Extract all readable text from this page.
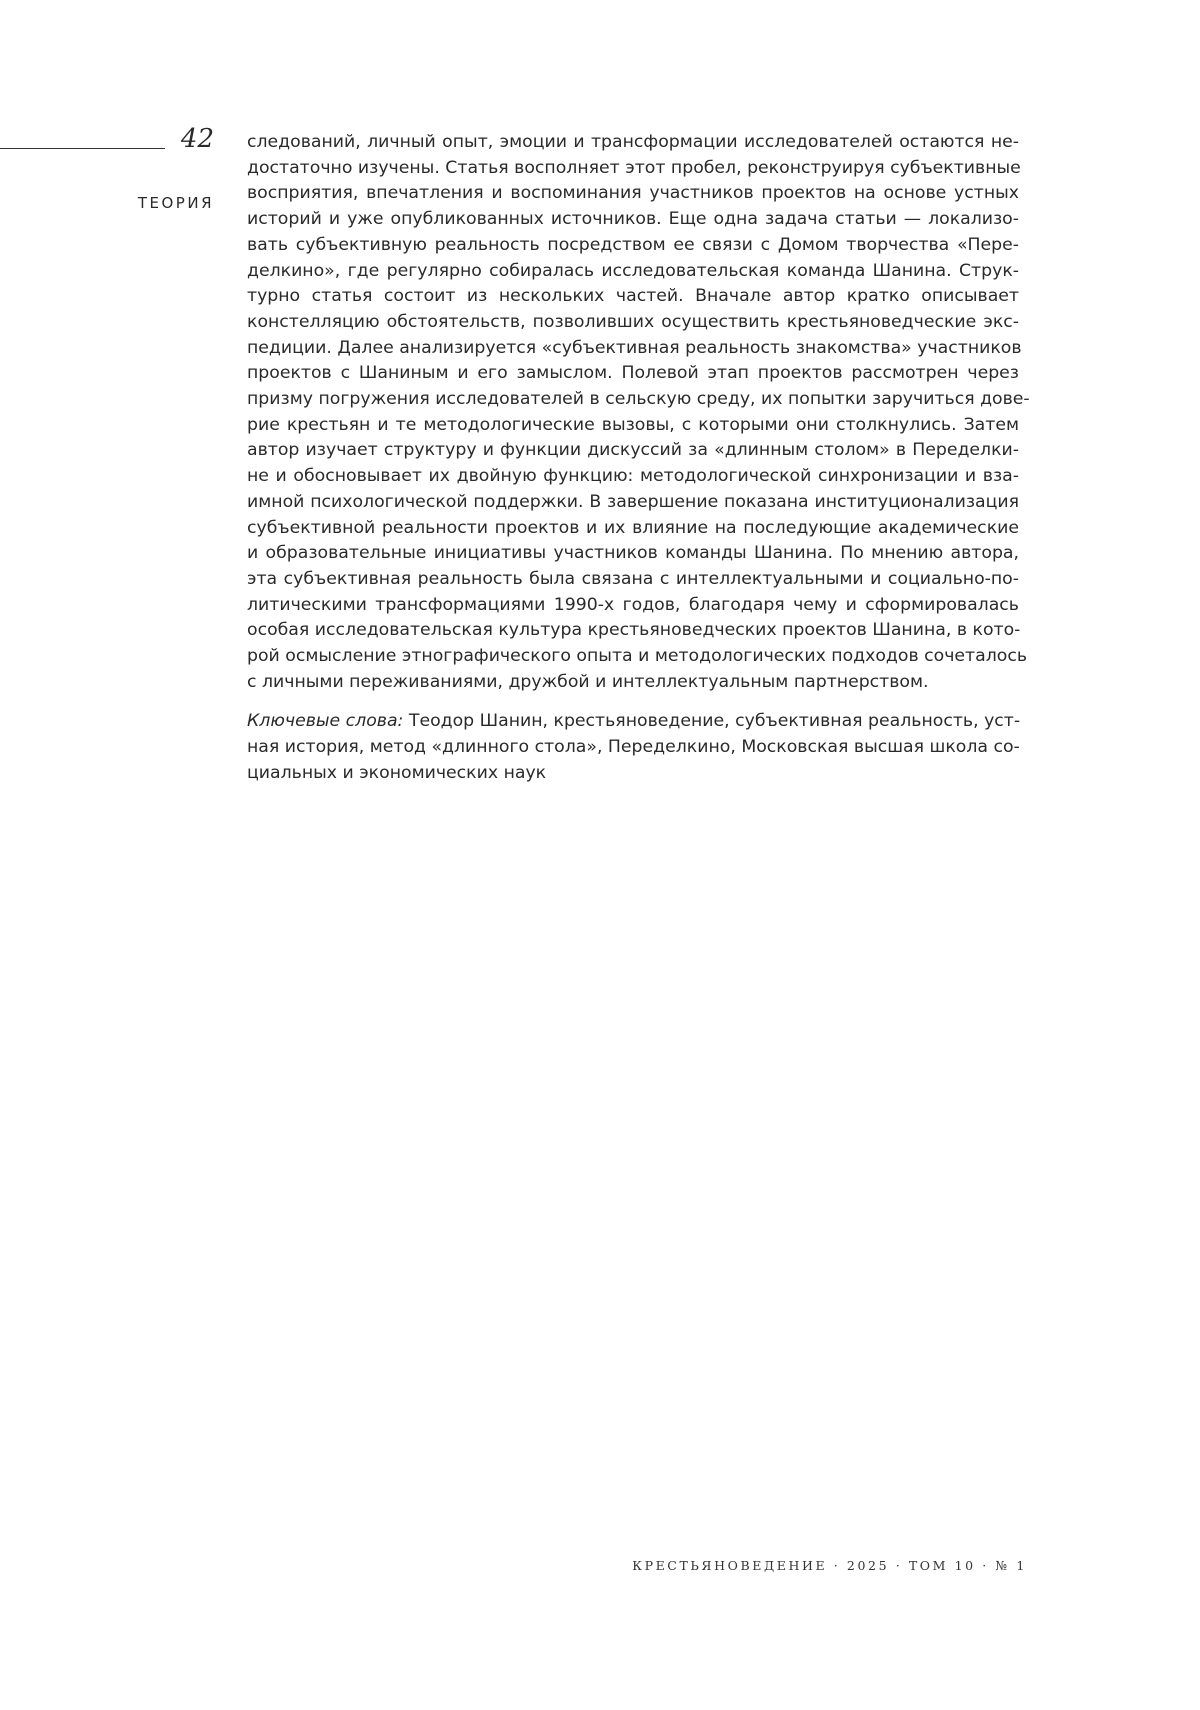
42
ТЕОРИЯ

следований, личный опыт, эмоции и трансформации исследователей остаются не-
достаточно изучены. Статья восполняет этот пробел, реконструируя субъективные
восприятия, впечатления и воспоминания участников проектов на основе устных
историй и уже опубликованных источников. Еще одна задача статьи — локализо-
вать субъективную реальность посредством ее связи с Домом творчества «Пере-
делкино», где регулярно собиралась исследовательская команда Шанина. Струк-
турно статья состоит из нескольких частей. Вначале автор кратко описывает
констелляцию обстоятельств, позволивших осуществить крестьяноведческие экс-
педиции. Далее анализируется «субъективная реальность знакомства» участников
проектов с Шаниным и его замыслом. Полевой этап проектов рассмотрен через
призму погружения исследователей в сельскую среду, их попытки заручиться дове-
рие крестьян и те методологические вызовы, с которыми они столкнулись. Затем
автор изучает структуру и функции дискуссий за «длинным столом» в Переделки-
не и обосновывает их двойную функцию: методологической синхронизации и вза-
имной психологической поддержки. В завершение показана институционализация
субъективной реальности проектов и их влияние на последующие академические
и образовательные инициативы участников команды Шанина. По мнению автора,
эта субъективная реальность была связана с интеллектуальными и социально-по-
литическими трансформациями 1990-х годов, благодаря чему и сформировалась
особая исследовательская культура крестьяноведческих проектов Шанина, в кото-
рой осмысление этнографического опыта и методологических подходов сочеталось
с личными переживаниями, дружбой и интеллектуальным партнерством.

Ключевые слова: Теодор Шанин, крестьяноведение, субъективная реальность, уст-
ная история, метод «длинного стола», Переделкино, Московская высшая школа со-
циальных и экономических наук

КРЕСТЬЯНОВЕДЕНИЕ · 2025 · ТОМ 10 · № 1
